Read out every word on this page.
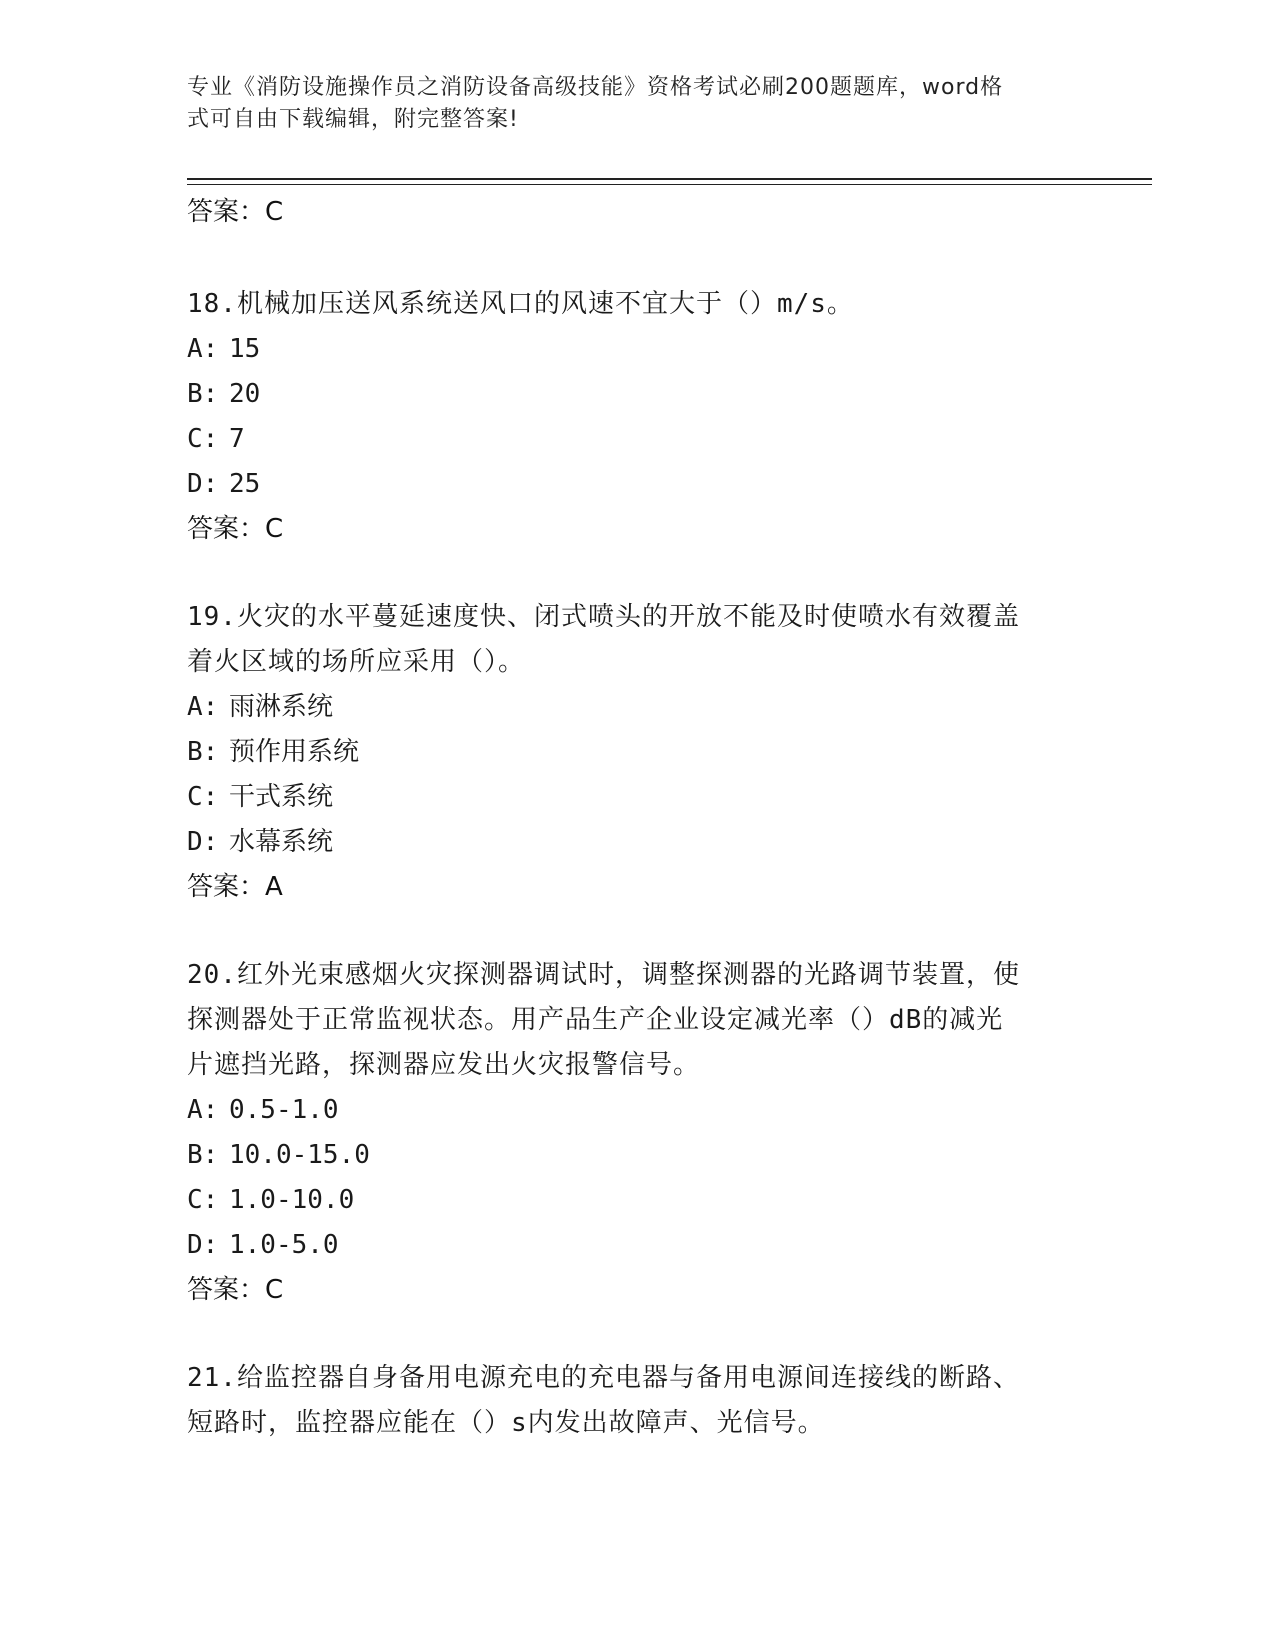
专业《消防设施操作员之消防设备高级技能》资格考试必刷200题题库，word格
式可自由下载编辑，附完整答案!
答案：C
18.机械加压送风系统送风口的风速不宜大于（）m/s。
A: 15
B: 20
C: 7
D: 25
答案：C
19.火灾的水平蔓延速度快、闭式喷头的开放不能及时使喷水有效覆盖
着火区域的场所应采用（）。
A: 雨淋系统
B: 预作用系统
C: 干式系统
D: 水幕系统
答案：A
20.红外光束感烟火灾探测器调试时，调整探测器的光路调节装置，使
探测器处于正常监视状态。用产品生产企业设定减光率（）dB的减光
片遮挡光路，探测器应发出火灾报警信号。
A: 0.5-1.0
B: 10.0-15.0
C: 1.0-10.0
D: 1.0-5.0
答案：C
21.给监控器自身备用电源充电的充电器与备用电源间连接线的断路、
短路时，监控器应能在（）s内发出故障声、光信号。
